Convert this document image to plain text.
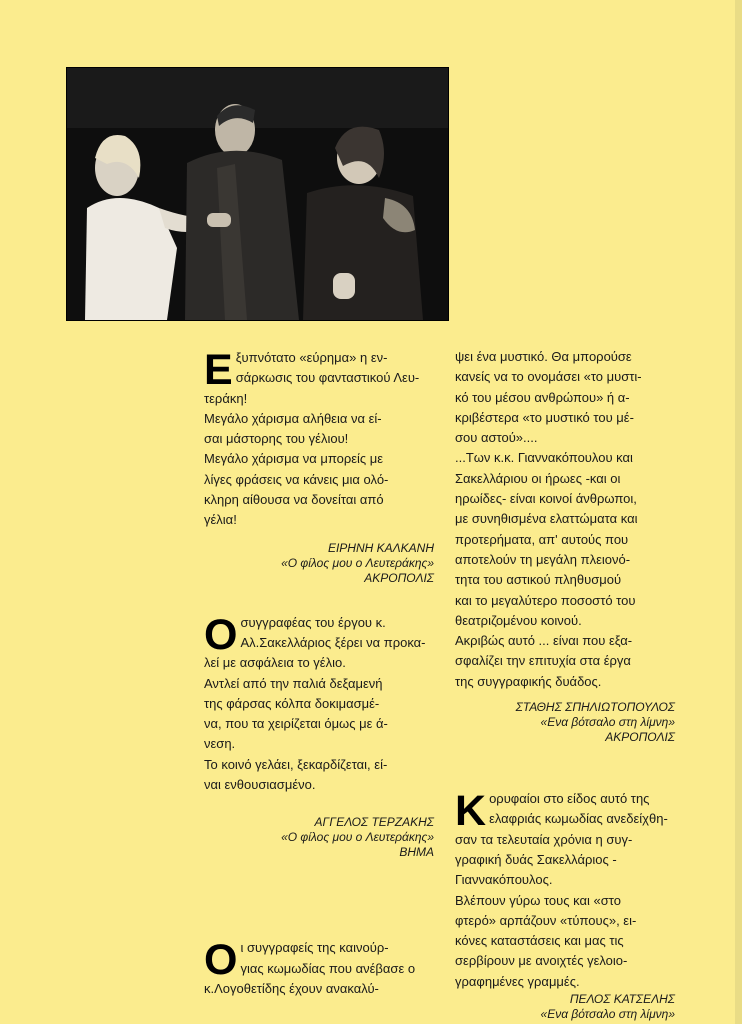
Ε ξυπνότατο «εύρημα» η εν-
σάρκωσις του φανταστικού Λευ-
τεράκη!
Μεγάλο χάρισμα αλήθεια να εί-
σαι μάστορης του γέλιου!
Μεγάλο χάρισμα να μπορείς με
λίγες φράσεις να κάνεις μια ολό-
κληρη αίθουσα να δονείται από
γέλια!

ΕΙΡΗΝΗ ΚΑΛΚΑΝΗ

«Ο φίλος μου ο Λευτεράκης»

ΑΚΡΟΠΟΛΙΣ

Ο συγγραφέας του έργου κ.
Αλ.Σακελλάριος ξέρει να προκα-
λεί με ασφάλεια το γέλιο.
Αντλεί από την παλιά δεξαμενή
της φάρσας κόλπα δοκιμασμέ-
να, που τα χειρίζεται όμως με ά-
νεση.
Το κοινό γελάει, ξεκαρδίζεται, εί-
ναι ενθουσιασμένο.

ΑΓΓΕΛΟΣ ΤΕΡΖΑΚΗΣ

«Ο φίλος μου ο Λευτεράκης»

ΒΗΜΑ

Ο ι συγγραφείς της καινούρ-
γιας κωμωδίας που ανέβασε ο
κ.Λογοθετίδης έχουν ανακαλύ-

ψει ένα μυστικό. Θα μπορούσε
κανείς να το ονομάσει «το μυστι-
κό του μέσου ανθρώπου» ή α-
κριβέστερα «το μυστικό του μέ-
σου αστού»....
...Των κ.κ. Γιαννακόπουλου και
Σακελλάριου οι ήρωες -και οι
ηρωίδες- είναι κοινοί άνθρωποι,
με συνηθισμένα ελαττώματα και
προτερήματα, απ' αυτούς που
αποτελούν τη μεγάλη πλειονό-
τητα του αστικού πληθυσμού
και το μεγαλύτερο ποσοστό του
θεατριζομένου κοινού.
Ακριβώς αυτό ... είναι που εξα-
σφαλίζει την επιτυχία στα έργα
της συγγραφικής δυάδος.

ΣΤΑΘΗΣ ΣΠΗΛΙΩΤΟΠΟΥΛΟΣ

«Ενα βότσαλο στη λίμνη»

ΑΚΡΟΠΟΛΙΣ

Κ ορυφαίοι στο είδος αυτό της
ελαφριάς κωμωδίας ανεδείχθη-
σαν τα τελευταία χρόνια η συγ-
γραφική δυάς Σακελλάριος -
Γιαννακόπουλος.
Βλέπουν γύρω τους και «στο
φτερό» αρπάζουν «τύπους», ει-
κόνες καταστάσεις και μας τις
σερβίρουν με ανοιχτές γελοιο-
γραφημένες γραμμές.

ΠΕΛΟΣ ΚΑΤΣΕΛΗΣ

«Ενα βότσαλο στη λίμνη»
